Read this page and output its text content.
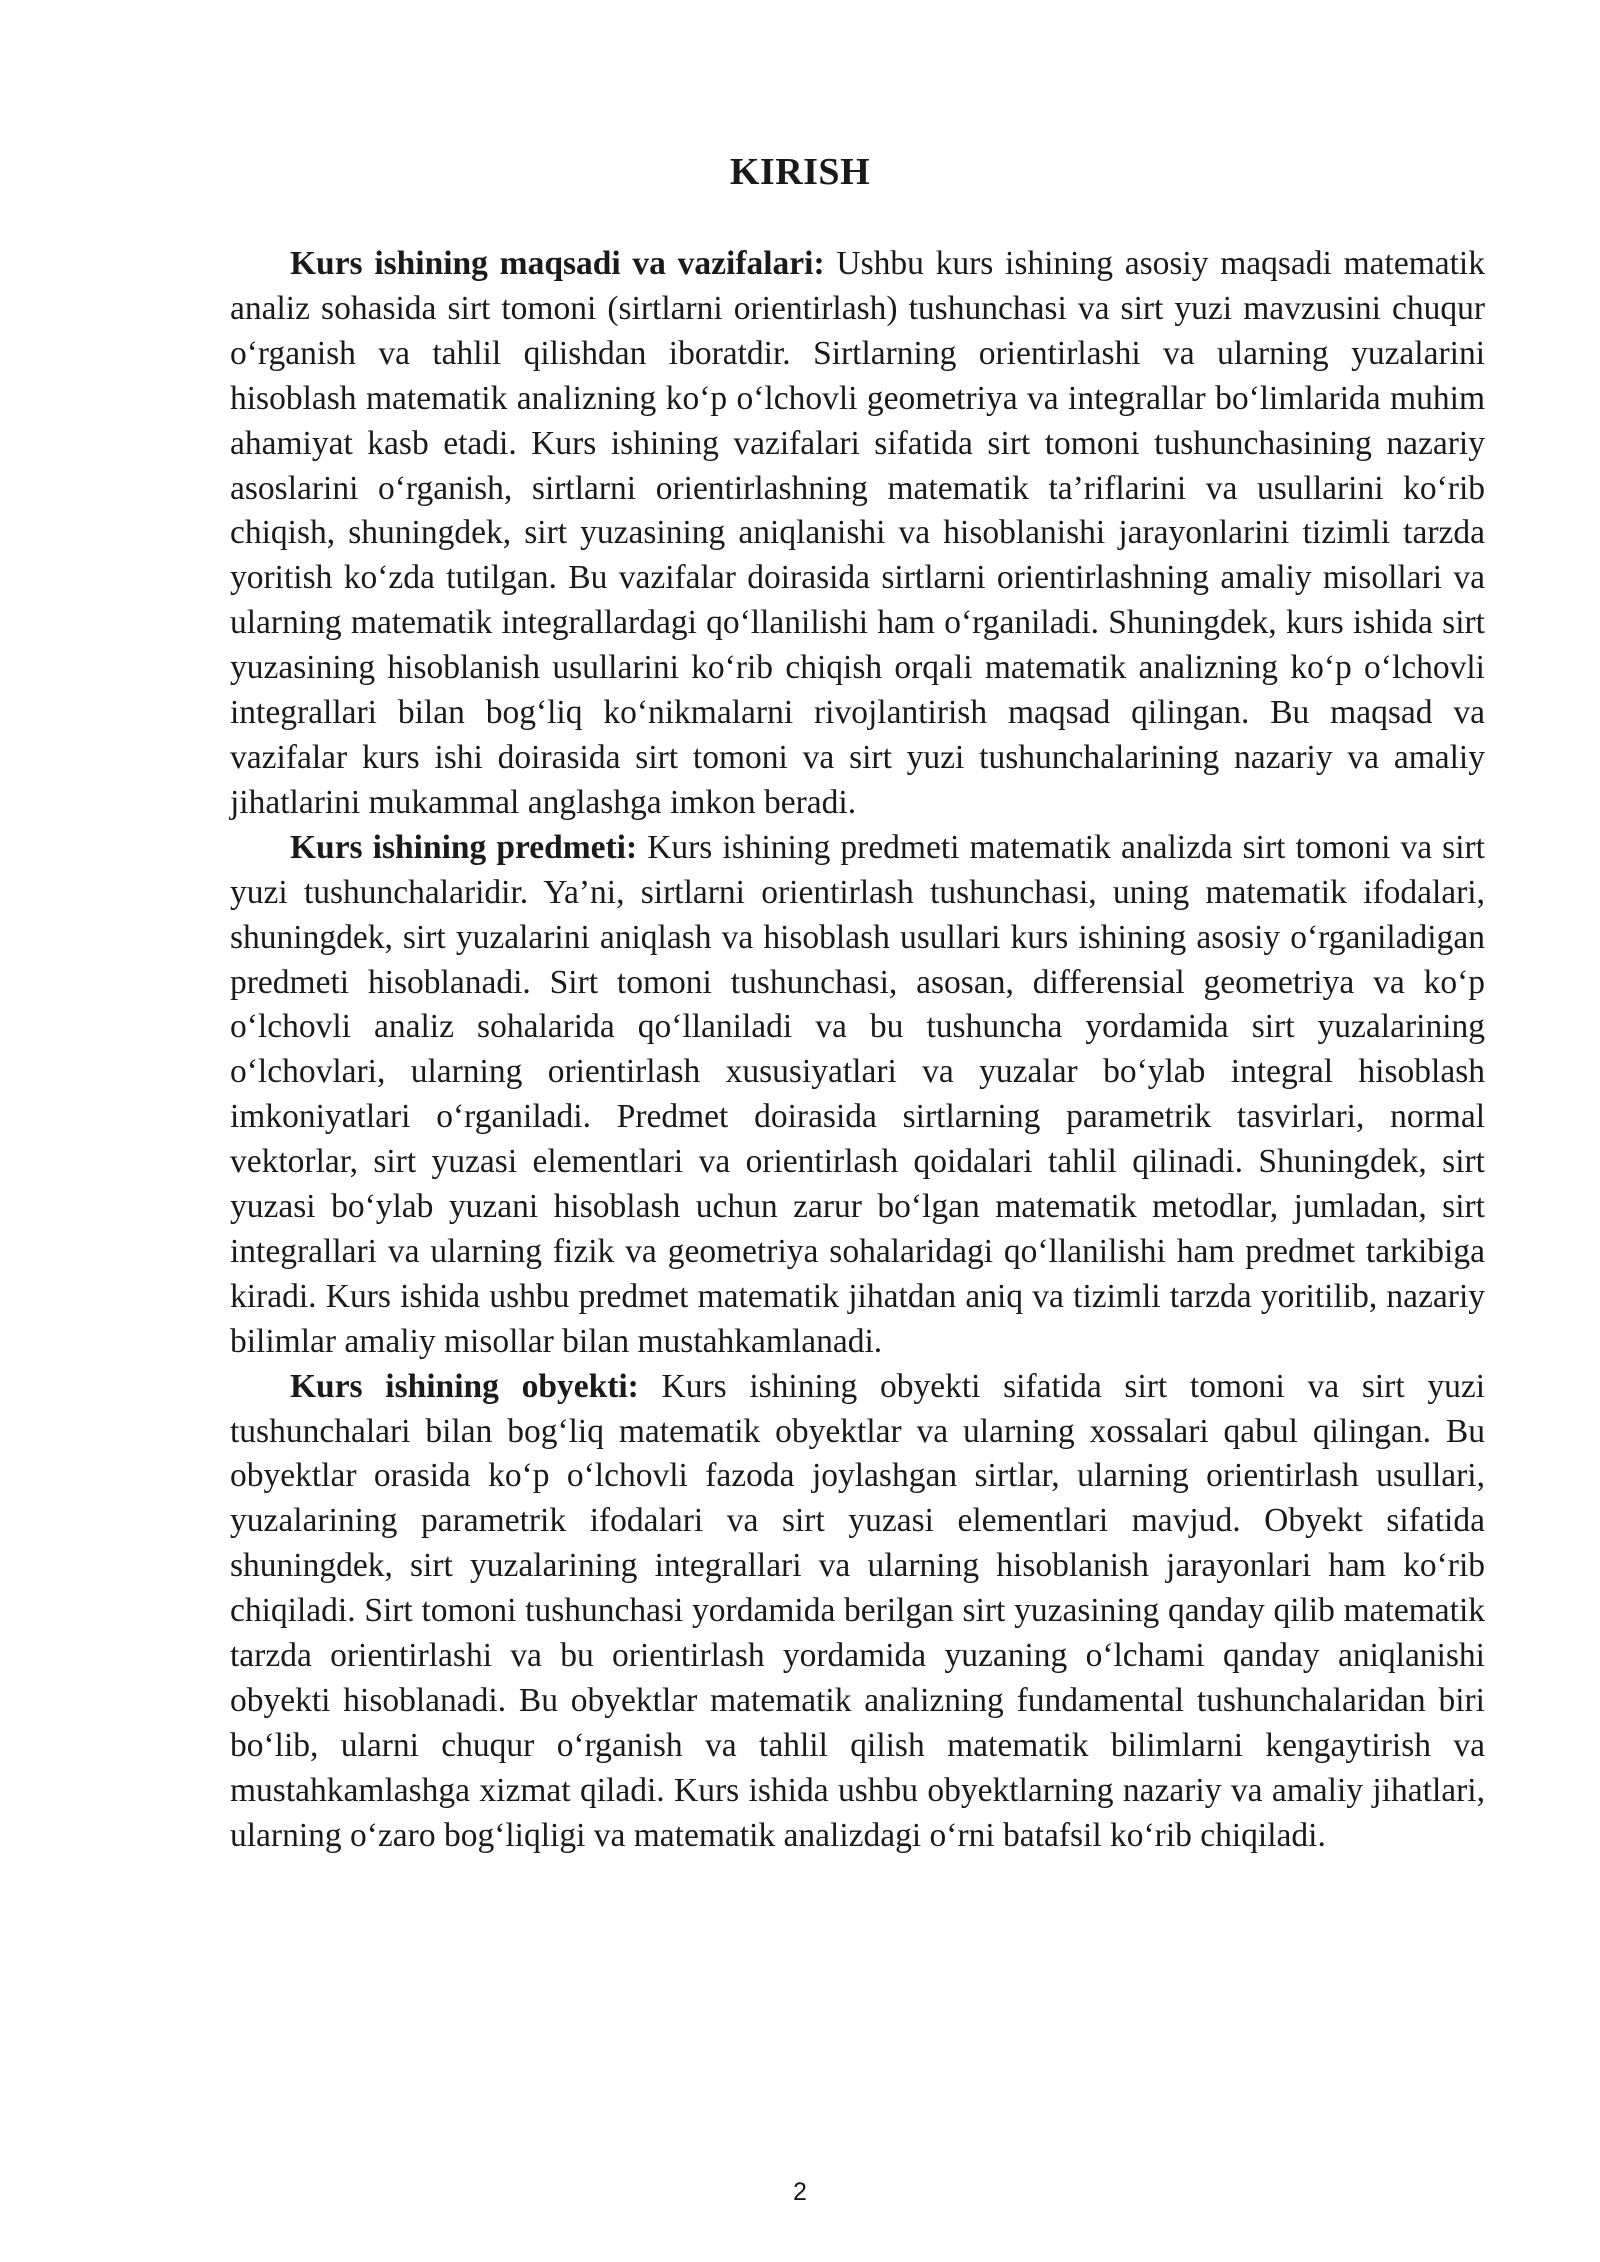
KIRISH

Kurs ishining maqsadi va vazifalari: Ushbu kurs ishining asosiy maqsadi matematik analiz sohasida sirt tomoni (sirtlarni orientirlash) tushunchasi va sirt yuzi mavzusini chuqur o‘rganish va tahlil qilishdan iboratdir. Sirtlarning orientirlashi va ularning yuzalarini hisoblash matematik analizning ko‘p o‘lchovli geometriya va integrallar bo‘limlarida muhim ahamiyat kasb etadi. Kurs ishining vazifalari sifatida sirt tomoni tushunchasining nazariy asoslarini o‘rganish, sirtlarni orientirlashning matematik ta’riflarini va usullarini ko‘rib chiqish, shuningdek, sirt yuzasining aniqlanishi va hisoblanishi jarayonlarini tizimli tarzda yoritish ko‘zda tutilgan. Bu vazifalar doirasida sirtlarni orientirlashning amaliy misollari va ularning matematik integrallardagi qo‘llanilishi ham o‘rganiladi. Shuningdek, kurs ishida sirt yuzasining hisoblanish usullarini ko‘rib chiqish orqali matematik analizning ko‘p o‘lchovli integrallari bilan bog‘liq ko‘nikmalarni rivojlantirish maqsad qilingan. Bu maqsad va vazifalar kurs ishi doirasida sirt tomoni va sirt yuzi tushunchalarining nazariy va amaliy jihatlarini mukammal anglashga imkon beradi.

Kurs ishining predmeti: Kurs ishining predmeti matematik analizda sirt tomoni va sirt yuzi tushunchalaridir. Ya’ni, sirtlarni orientirlash tushunchasi, uning matematik ifodalari, shuningdek, sirt yuzalarini aniqlash va hisoblash usullari kurs ishining asosiy o‘rganiladigan predmeti hisoblanadi. Sirt tomoni tushunchasi, asosan, differensial geometriya va ko‘p o‘lchovli analiz sohalarida qo‘llaniladi va bu tushuncha yordamida sirt yuzalarining o‘lchovlari, ularning orientirlash xususiyatlari va yuzalar bo‘ylab integral hisoblash imkoniyatlari o‘rganiladi. Predmet doirasida sirtlarning parametrik tasvirlari, normal vektorlar, sirt yuzasi elementlari va orientirlash qoidalari tahlil qilinadi. Shuningdek, sirt yuzasi bo‘ylab yuzani hisoblash uchun zarur bo‘lgan matematik metodlar, jumladan, sirt integrallari va ularning fizik va geometriya sohalaridagi qo‘llanilishi ham predmet tarkibiga kiradi. Kurs ishida ushbu predmet matematik jihatdan aniq va tizimli tarzda yoritilib, nazariy bilimlar amaliy misollar bilan mustahkamlanadi.

Kurs ishining obyekti: Kurs ishining obyekti sifatida sirt tomoni va sirt yuzi tushunchalari bilan bog‘liq matematik obyektlar va ularning xossalari qabul qilingan. Bu obyektlar orasida ko‘p o‘lchovli fazoda joylashgan sirtlar, ularning orientirlash usullari, yuzalarining parametrik ifodalari va sirt yuzasi elementlari mavjud. Obyekt sifatida shuningdek, sirt yuzalarining integrallari va ularning hisoblanish jarayonlari ham ko‘rib chiqiladi. Sirt tomoni tushunchasi yordamida berilgan sirt yuzasining qanday qilib matematik tarzda orientirlashi va bu orientirlash yordamida yuzaning o‘lchami qanday aniqlanishi obyekti hisoblanadi. Bu obyektlar matematik analizning fundamental tushunchalaridan biri bo‘lib, ularni chuqur o‘rganish va tahlil qilish matematik bilimlarni kengaytirish va mustahkamlashga xizmat qiladi. Kurs ishida ushbu obyektlarning nazariy va amaliy jihatlari, ularning o‘zaro bog‘liqligi va matematik analizdagi o‘rni batafsil ko‘rib chiqiladi.

2
